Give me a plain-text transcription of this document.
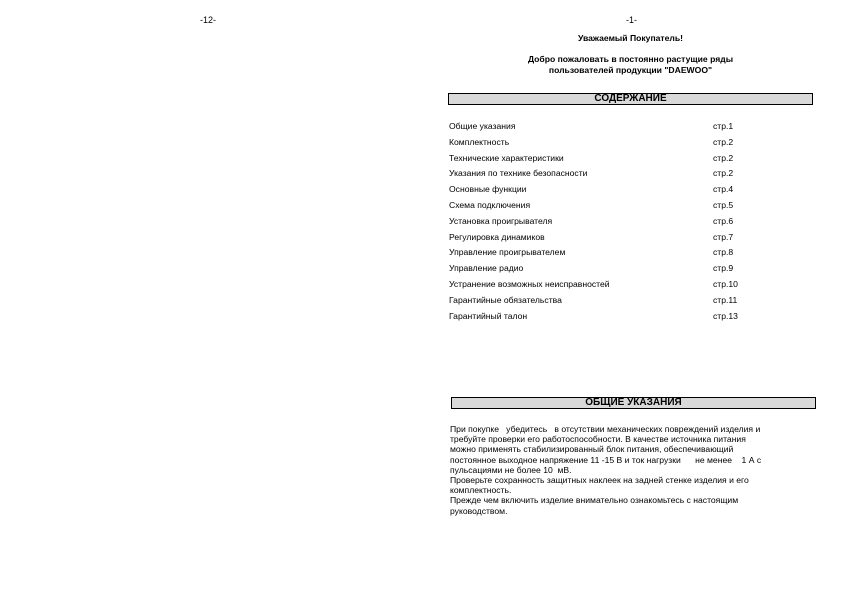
-12-	-1-
Уважаемый Покупатель!
Добро пожаловать в постоянно растущие ряды
пользователей продукции "DAEWOO"
СОДЕРЖАНИЕ
Общие указания	стр.1
Комплектность	стр.2
Технические характеристики	стр.2
Указания по технике безопасности	стр.2
Основные функции	стр.4
Схема подключения	стр.5
Установка проигрывателя	стр.6
Регулировка динамиков	стр.7
Управление проигрывателем	стр.8
Управление радио	стр.9
Устранение возможных неисправностей	стр.10
Гарантийные обязательства	стр.11
Гарантийный талон	стр.13
ОБЩИЕ УКАЗАНИЯ
При покупке   убедитесь   в отсутствии механических повреждений изделия и
требуйте проверки его работоспособности. В качестве источника питания
можно применять стабилизированный блок питания, обеспечивающий
постоянное выходное напряжение 11 -15 В и ток нагрузки      не менее    1 А с
пульсациями не более 10  мВ.
Проверьте сохранность защитных наклеек на задней стенке изделия и его
комплектность.
Прежде чем включить изделие внимательно ознакомьтесь с настоящим
руководством.
